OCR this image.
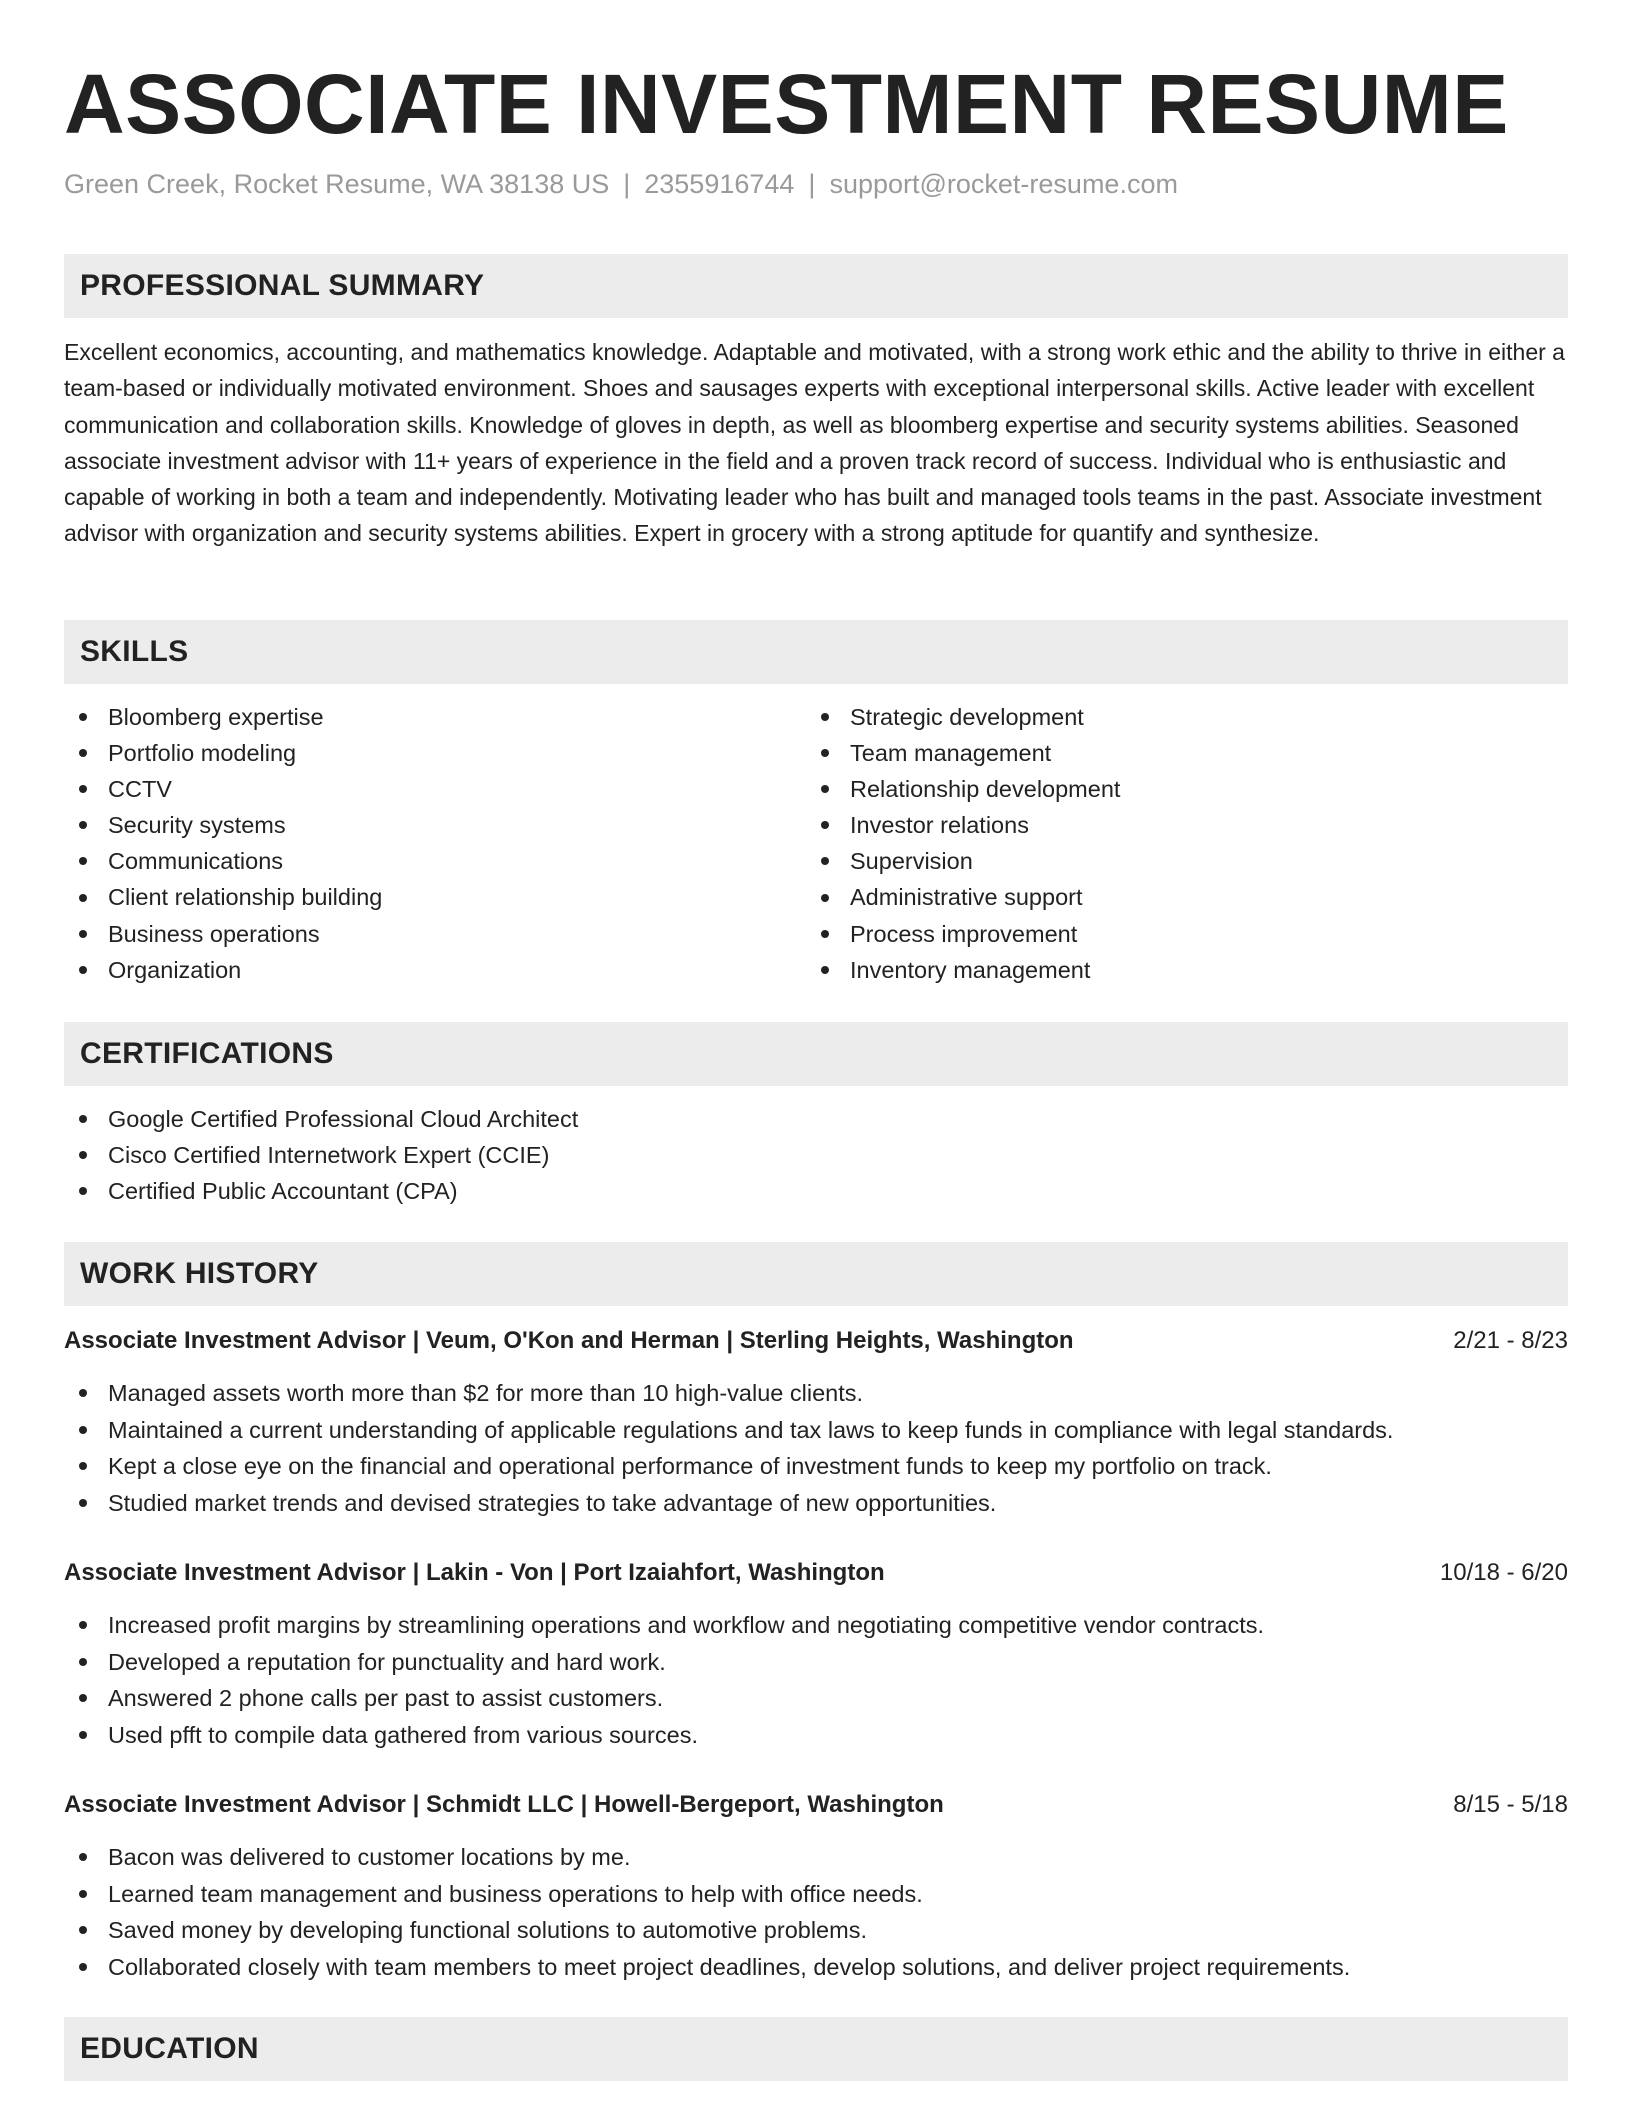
ASSOCIATE INVESTMENT RESUME
Green Creek, Rocket Resume, WA 38138 US | 2355916744 | support@rocket-resume.com
PROFESSIONAL SUMMARY

Excellent economics, accounting, and mathematics knowledge. Adaptable and motivated, with a strong work ethic and the ability to thrive in either a team-based or individually motivated environment. Shoes and sausages experts with exceptional interpersonal skills. Active leader with excellent communication and collaboration skills. Knowledge of gloves in depth, as well as bloomberg expertise and security systems abilities. Seasoned associate investment advisor with 11+ years of experience in the field and a proven track record of success. Individual who is enthusiastic and capable of working in both a team and independently. Motivating leader who has built and managed tools teams in the past. Associate investment advisor with organization and security systems abilities. Expert in grocery with a strong aptitude for quantify and synthesize.

SKILLS
Bloomberg expertise
Portfolio modeling
CCTV
Security systems
Communications
Client relationship building
Business operations
Organization
Strategic development
Team management
Relationship development
Investor relations
Supervision
Administrative support
Process improvement
Inventory management
CERTIFICATIONS
Google Certified Professional Cloud Architect
Cisco Certified Internetwork Expert (CCIE)
Certified Public Accountant (CPA)
WORK HISTORY
Associate Investment Advisor | Veum, O'Kon and Herman | Sterling Heights, Washington	2/21 - 8/23
Managed assets worth more than $2 for more than 10 high-value clients.
Maintained a current understanding of applicable regulations and tax laws to keep funds in compliance with legal standards.
Kept a close eye on the financial and operational performance of investment funds to keep my portfolio on track.
Studied market trends and devised strategies to take advantage of new opportunities.
Associate Investment Advisor | Lakin - Von | Port Izaiahfort, Washington	10/18 - 6/20
Increased profit margins by streamlining operations and workflow and negotiating competitive vendor contracts.
Developed a reputation for punctuality and hard work.
Answered 2 phone calls per past to assist customers.
Used pfft to compile data gathered from various sources.
Associate Investment Advisor | Schmidt LLC | Howell-Bergeport, Washington	8/15 - 5/18
Bacon was delivered to customer locations by me.
Learned team management and business operations to help with office needs.
Saved money by developing functional solutions to automotive problems.
Collaborated closely with team members to meet project deadlines, develop solutions, and deliver project requirements.
EDUCATION
